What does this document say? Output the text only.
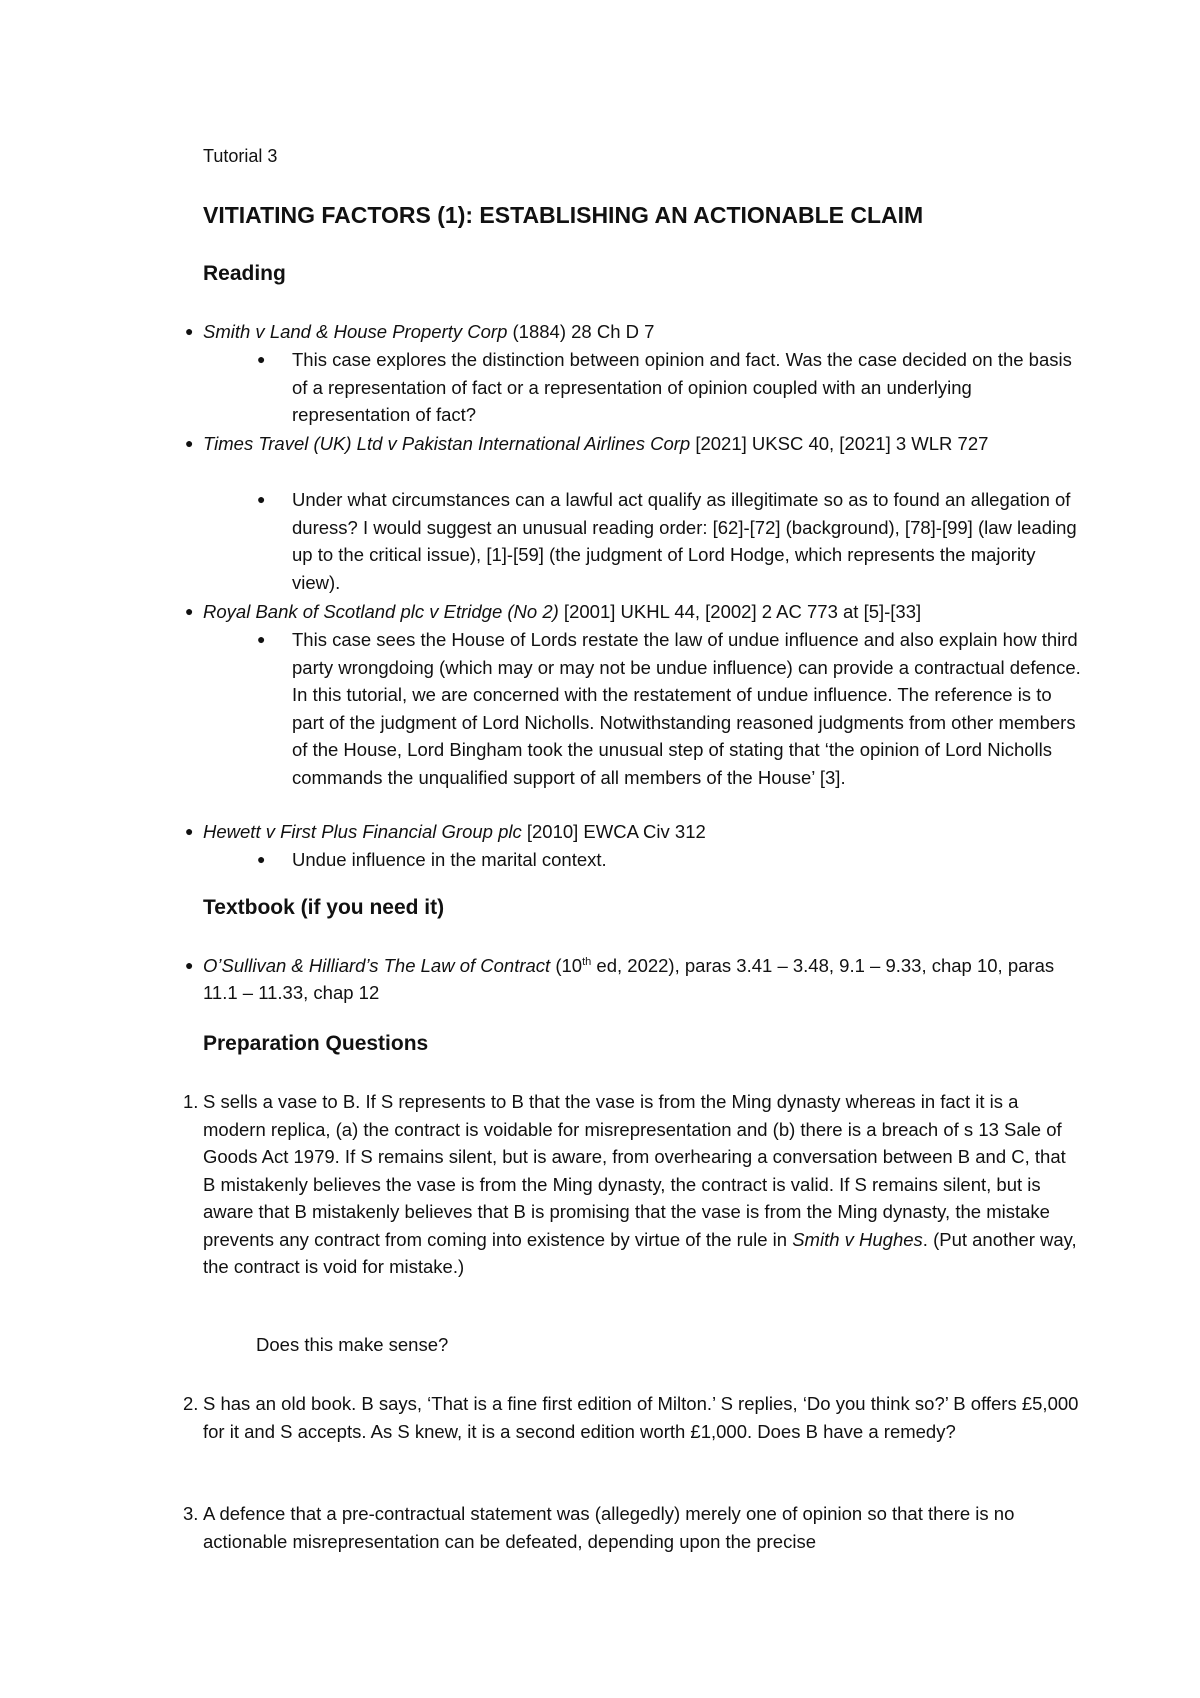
Tutorial 3
VITIATING FACTORS (1): ESTABLISHING AN ACTIONABLE CLAIM
Reading
● Smith v Land & House Property Corp (1884) 28 Ch D 7
● This case explores the distinction between opinion and fact. Was the case decided on the basis of a representation of fact or a representation of opinion coupled with an underlying representation of fact?
● Times Travel (UK) Ltd v Pakistan International Airlines Corp [2021] UKSC 40, [2021] 3 WLR 727
● Under what circumstances can a lawful act qualify as illegitimate so as to found an allegation of duress? I would suggest an unusual reading order: [62]-[72] (background), [78]-[99] (law leading up to the critical issue), [1]-[59] (the judgment of Lord Hodge, which represents the majority view).
● Royal Bank of Scotland plc v Etridge (No 2) [2001] UKHL 44, [2002] 2 AC 773 at [5]-[33]
● This case sees the House of Lords restate the law of undue influence and also explain how third party wrongdoing (which may or may not be undue influence) can provide a contractual defence. In this tutorial, we are concerned with the restatement of undue influence. The reference is to part of the judgment of Lord Nicholls. Notwithstanding reasoned judgments from other members of the House, Lord Bingham took the unusual step of stating that ‘the opinion of Lord Nicholls commands the unqualified support of all members of the House’ [3].
● Hewett v First Plus Financial Group plc [2010] EWCA Civ 312
● Undue influence in the marital context.
Textbook (if you need it)
● O’Sullivan & Hilliard’s The Law of Contract (10th ed, 2022), paras 3.41 – 3.48, 9.1 – 9.33, chap 10, paras 11.1 – 11.33, chap 12
Preparation Questions
1. S sells a vase to B. If S represents to B that the vase is from the Ming dynasty whereas in fact it is a modern replica, (a) the contract is voidable for misrepresentation and (b) there is a breach of s 13 Sale of Goods Act 1979. If S remains silent, but is aware, from overhearing a conversation between B and C, that B mistakenly believes the vase is from the Ming dynasty, the contract is valid. If S remains silent, but is aware that B mistakenly believes that B is promising that the vase is from the Ming dynasty, the mistake prevents any contract from coming into existence by virtue of the rule in Smith v Hughes. (Put another way, the contract is void for mistake.)
Does this make sense?
2. S has an old book. B says, ‘That is a fine first edition of Milton.’ S replies, ‘Do you think so?’ B offers £5,000 for it and S accepts. As S knew, it is a second edition worth £1,000. Does B have a remedy?
3. A defence that a pre-contractual statement was (allegedly) merely one of opinion so that there is no actionable misrepresentation can be defeated, depending upon the precise
